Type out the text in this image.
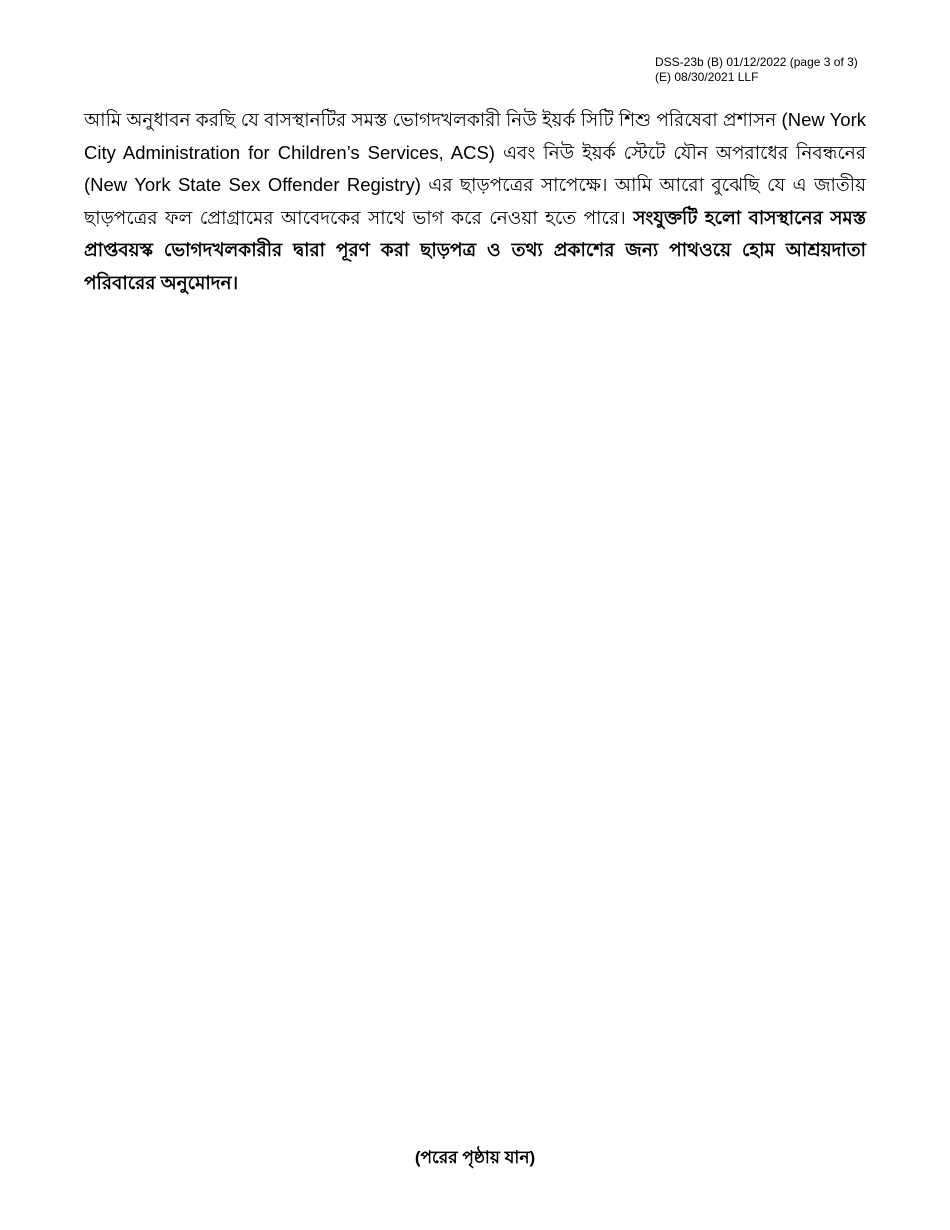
DSS-23b (B) 01/12/2022 (page 3 of 3)
(E) 08/30/2021 LLF
আমি অনুধাবন করছি যে বাসস্থানটির সমস্ত ভোগদখলকারী নিউ ইয়র্ক সিটি শিশু পরিষেবা প্রশাসন (New York City Administration for Children’s Services, ACS) এবং নিউ ইয়র্ক স্টেটে যৌন অপরাধের নিবন্ধনের (New York State Sex Offender Registry) এর ছাড়পত্রের সাপেক্ষে। আমি আরো বুঝেছি যে এ জাতীয় ছাড়পত্রের ফল প্রোগ্রামের আবেদকের সাথে ভাগ করে নেওয়া হতে পারে। সংযুক্তটি হলো বাসস্থানের সমস্ত প্রাপ্তবয়স্ক ভোগদখলকারীর দ্বারা পূরণ করা ছাড়পত্র ও তথ্য প্রকাশের জন্য পাথওয়ে হোম আশ্রয়দাতা পরিবারের অনুমোদন।
(পরের পৃষ্ঠায় যান)
